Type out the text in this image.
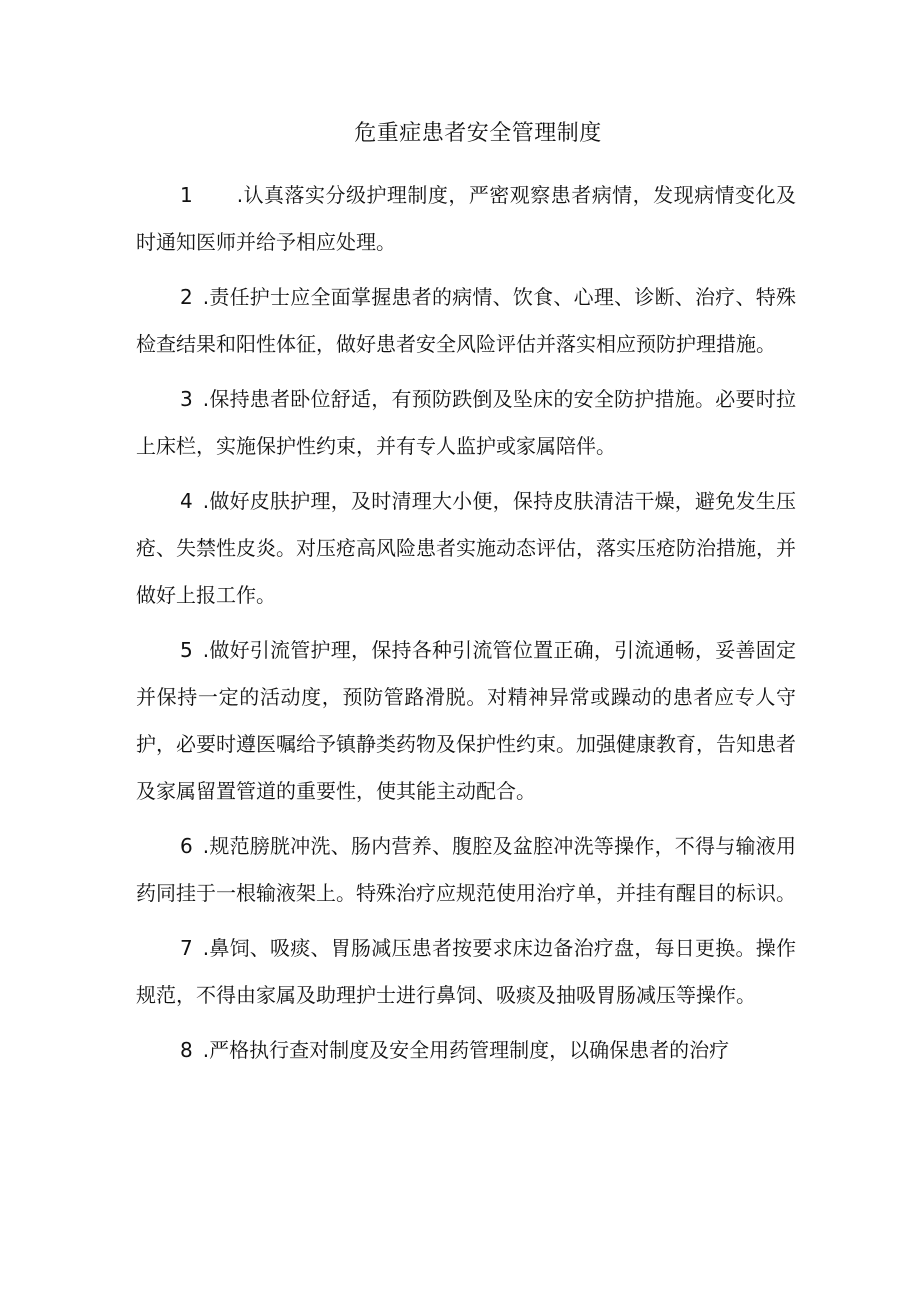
危重症患者安全管理制度

1 .认真落实分级护理制度，严密观察患者病情，发现病情变化及时通知医师并给予相应处理。

2 .责任护士应全面掌握患者的病情、饮食、心理、诊断、治疗、特殊检查结果和阳性体征，做好患者安全风险评估并落实相应预防护理措施。

3 .保持患者卧位舒适，有预防跌倒及坠床的安全防护措施。必要时拉上床栏，实施保护性约束，并有专人监护或家属陪伴。

4 .做好皮肤护理，及时清理大小便，保持皮肤清洁干燥，避免发生压疮、失禁性皮炎。对压疮高风险患者实施动态评估，落实压疮防治措施，并做好上报工作。

5 .做好引流管护理，保持各种引流管位置正确，引流通畅，妥善固定并保持一定的活动度，预防管路滑脱。对精神异常或躁动的患者应专人守护，必要时遵医嘱给予镇静类药物及保护性约束。加强健康教育，告知患者及家属留置管道的重要性，使其能主动配合。

6 .规范膀胱冲洗、肠内营养、腹腔及盆腔冲洗等操作，不得与输液用药同挂于一根输液架上。特殊治疗应规范使用治疗单，并挂有醒目的标识。

7 .鼻饲、吸痰、胃肠减压患者按要求床边备治疗盘，每日更换。操作规范，不得由家属及助理护士进行鼻饲、吸痰及抽吸胃肠减压等操作。

8 .严格执行查对制度及安全用药管理制度，以确保患者的治疗
